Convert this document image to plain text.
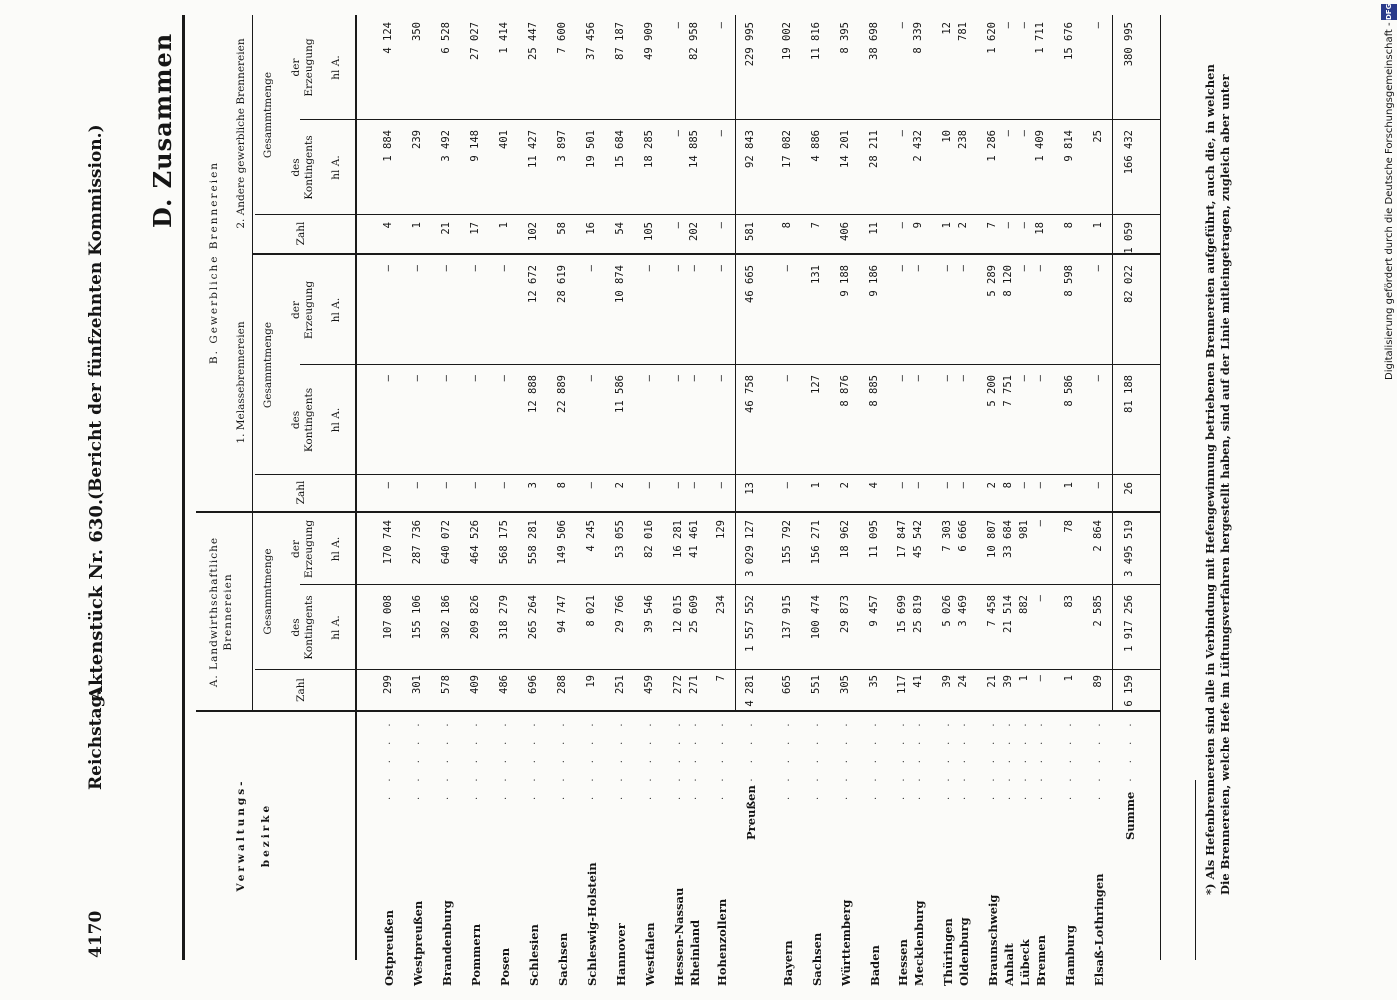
4170
Reichstag.
Aktenstück Nr. 630.
(Bericht der fünfzehnten Kommission.) D. Zusammen
Verwaltungs- bezirke
A. Landwirthschaftliche Brennereien
B. Gewerbliche Brennereien
1. Melassebrennereien
2. Andere gewerbliche Brennereien
Zahl
Gesammtmenge des Kontingents hl A.
der Erzeugung hl A.
Zahl
Gesammtmenge
des Kontingents hl A.
der Erzeugung hl A.
Zahl
Gesammtmenge
des Kontingents hl A.
der Erzeugung hl A.
Ostpreußen
. . . . .
299
107 008
170 744
—
—
—
4
1 884
4 124
Westpreußen
. . . . .
301
155 106
287 736
—
—
—
1
239
350
Brandenburg
. . . . .
578
302 186
640 072
—
—
—
21
3 492
6 528
Pommern
. . . . .
409
209 826
464 526
—
—
—
17
9 148
27 027
Posen
. . . . .
486
318 279
568 175
—
—
—
1
401
1 414
Schlesien
. . . . .
696
265 264
558 281
3
12 888
12 672
102
11 427
25 447
Sachsen
. . . . .
288
94 747
149 506
8
22 889
28 619
58
3 897
7 600
Schleswig-Holstein
. . . . .
19
8 021
4 245
—
—
—
16
19 501
37 456
Hannover
. . . . .
251
29 766
53 055
2
11 586
10 874
54
15 684
87 187
Westfalen
. . . . .
459
39 546
82 016
—
—
—
105
18 285
49 909
Hessen-Nassau
. . . . .
272
12 015
16 281
—
—
—
—
—
—
Rheinland
. . . . .
271
25 609
41 461
—
—
—
202
14 885
82 958
Hohenzollern
. . . . .
7
234
129
—
—
—
—
—
—
Preußen
. . . . .
4 281
1 557 552
3 029 127
13
46 758
46 665
581
92 843
229 995
Bayern
. . . . .
665
137 915
155 792
—
—
—
8
17 082
19 002
Sachsen
. . . . .
551
100 474
156 271
1
127
131
7
4 886
11 816
Württemberg
. . . . .
305
29 873
18 962
2
8 876
9 188
406
14 201
8 395
Baden
. . . . .
35
9 457
11 095
4
8 885
9 186
11
28 211
38 698
Hessen
. . . . .
117
15 699
17 847
—
—
—
—
—
—
Mecklenburg
. . . . .
41
25 819
45 542
—
—
—
9
2 432
8 339
Thüringen
. . . . .
39
5 026
7 303
—
—
—
1
10
12
Oldenburg
. . . . .
24
3 469
6 666
—
—
—
2
238
781
Braunschweig
. . . . .
21
7 458
10 807
2
5 200
5 289
7
1 286
1 620
Anhalt
. . . . .
39
21 514
33 684
8
7 751
8 120
—
—
—
Lübeck
. . . . .
1
882
981
—
—
—
—
—
—
Bremen
. . . . .
—
—
—
—
—
—
18
1 409
1 711
Hamburg
. . . . .
1
83
78
1
8 586
8 598
8
9 814
15 676
Elsaß-Lothringen
. . . . .
89
2 585
2 864
—
—
—
1
25
—
Summe
. . . . .
6 159
1 917 256
3 495 519
26
81 188
82 022
1 059
166 432
380 995
*) Als Hefenbrennereien sind alle in Verbindung mit Hefengewinnung betriebenen Brennereien aufgeführt, auch die, in welchen Die Brennereien, welche Hefe im Lüftungsverfahren hergestellt haben, sind auf der Linie mitleingetragen, zugleich aber unter
DFG
Digitalisierung gefördert durch die Deutsche Forschungsgemeinschaft -
